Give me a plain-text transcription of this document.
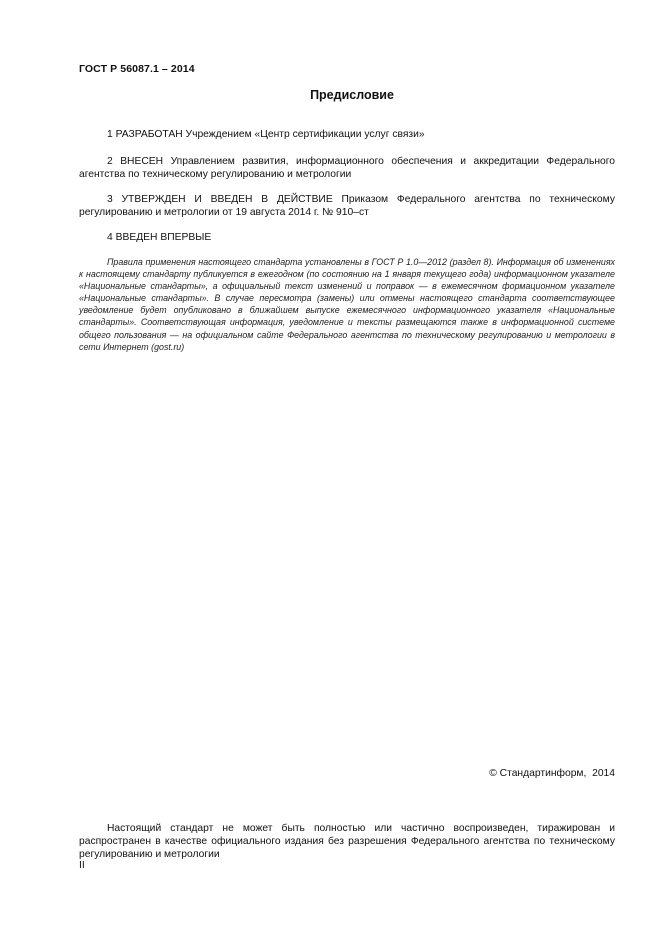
ГОСТ Р 56087.1 – 2014
Предисловие

1 РАЗРАБОТАН Учреждением «Центр сертификации услуг связи»

2 ВНЕСЕН Управлением развития, информационного обеспечения и аккредитации Федерального агентства по техническому регулированию и метрологии

3 УТВЕРЖДЕН И ВВЕДЕН В ДЕЙСТВИЕ Приказом Федерального агентства по техническому регулированию и метрологии от 19 августа 2014 г. № 910–ст

4 ВВЕДЕН ВПЕРВЫЕ

Правила применения настоящего стандарта установлены в ГОСТ Р 1.0—2012 (раздел 8). Информация об изменениях к настоящему стандарту публикуется в ежегодном (по состоянию на 1 января текущего года) информационном указателе «Национальные стандарты», а официальный текст изменений и поправок — в ежемесячном формационном указателе «Национальные стандарты». В случае пересмотра (замены) или отмены настоящего стандарта соответствующее уведомление будет опубликовано в ближайшем выпуске ежемесячного информационного указателя «Национальные стандарты». Соответствующая информация, уведомление и тексты размещаются также в информационной системе общего пользования — на официальном сайте Федерального агентства по техническому регулированию и метрологии в сети Интернет (gost.ru)

© Стандартинформ,  2014

Настоящий стандарт не может быть полностью или частично воспроизведен, тиражирован и распространен в качестве официального издания без разрешения Федерального агентства по техническому регулированию и метрологии

II
